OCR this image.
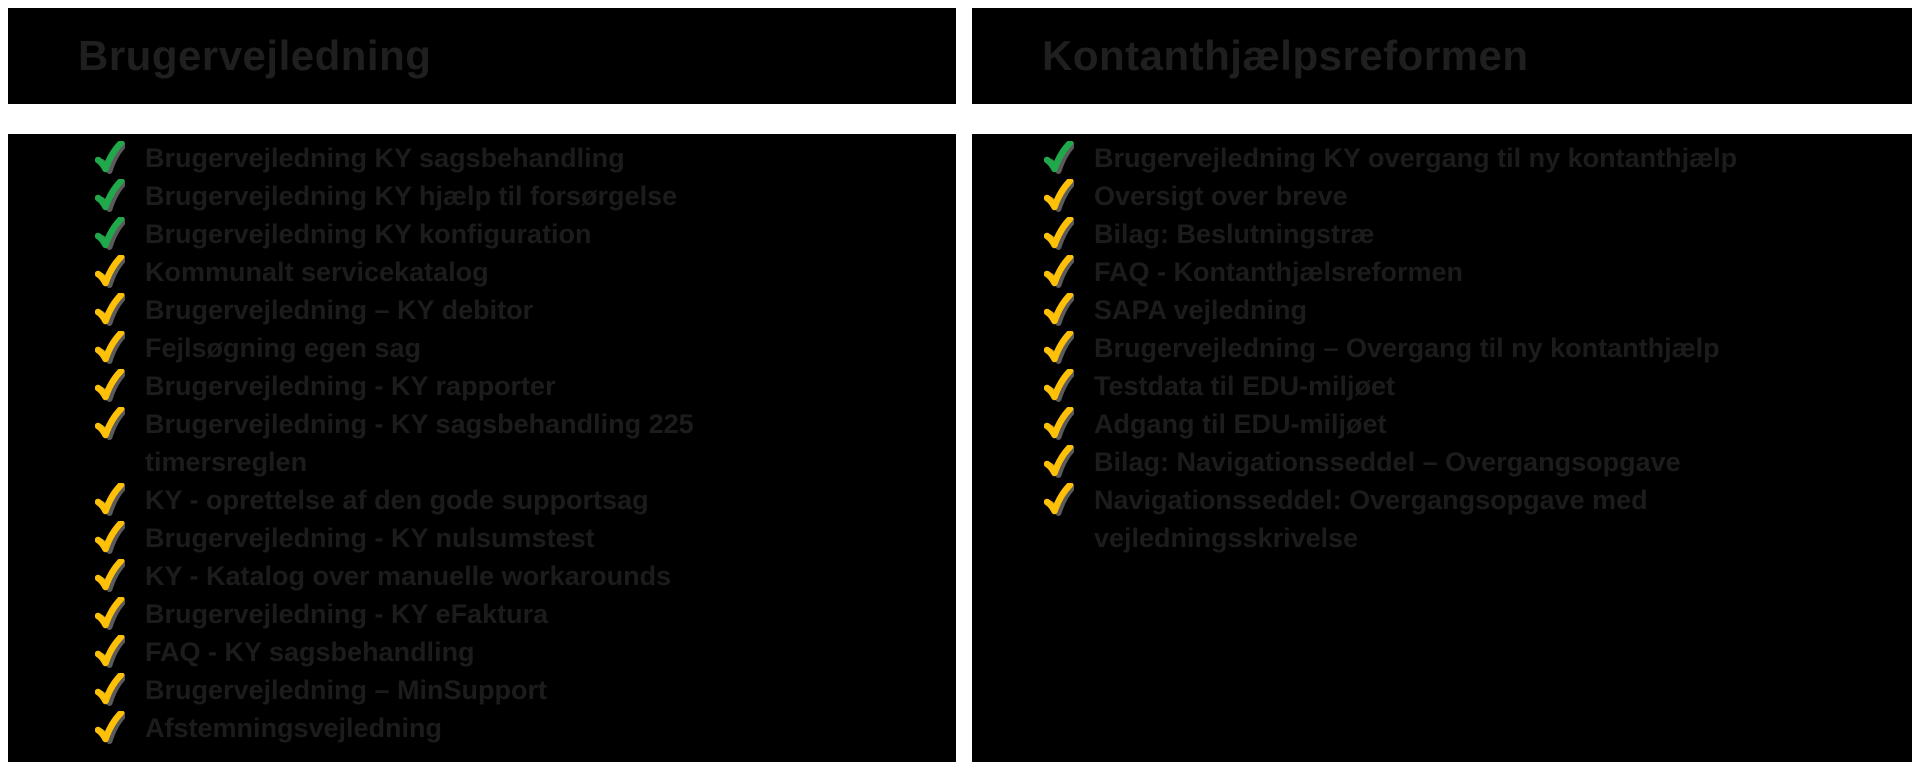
Brugervejledning
Brugervejledning KY sagsbehandling
Brugervejledning KY hjælp til forsørgelse
Brugervejledning KY konfiguration
Kommunalt servicekatalog
Brugervejledning – KY debitor
Fejlsøgning egen sag
Brugervejledning - KY rapporter
Brugervejledning - KY sagsbehandling 225 timersreglen
KY - oprettelse af den gode supportsag
Brugervejledning - KY nulsumstest
KY - Katalog over manuelle workarounds
Brugervejledning - KY eFaktura
FAQ - KY sagsbehandling
Brugervejledning – MinSupport
Afstemningsvejledning
Kontanthjælpsreformen
Brugervejledning KY overgang til ny kontanthjælp
Oversigt over breve
Bilag: Beslutningstræ
FAQ - Kontanthjælsreformen
SAPA vejledning
Brugervejledning – Overgang til ny kontanthjælp
Testdata til EDU-miljøet
Adgang til EDU-miljøet
Bilag: Navigationsseddel – Overgangsopgave
Navigationsseddel: Overgangsopgave med vejledningsskrivelse
